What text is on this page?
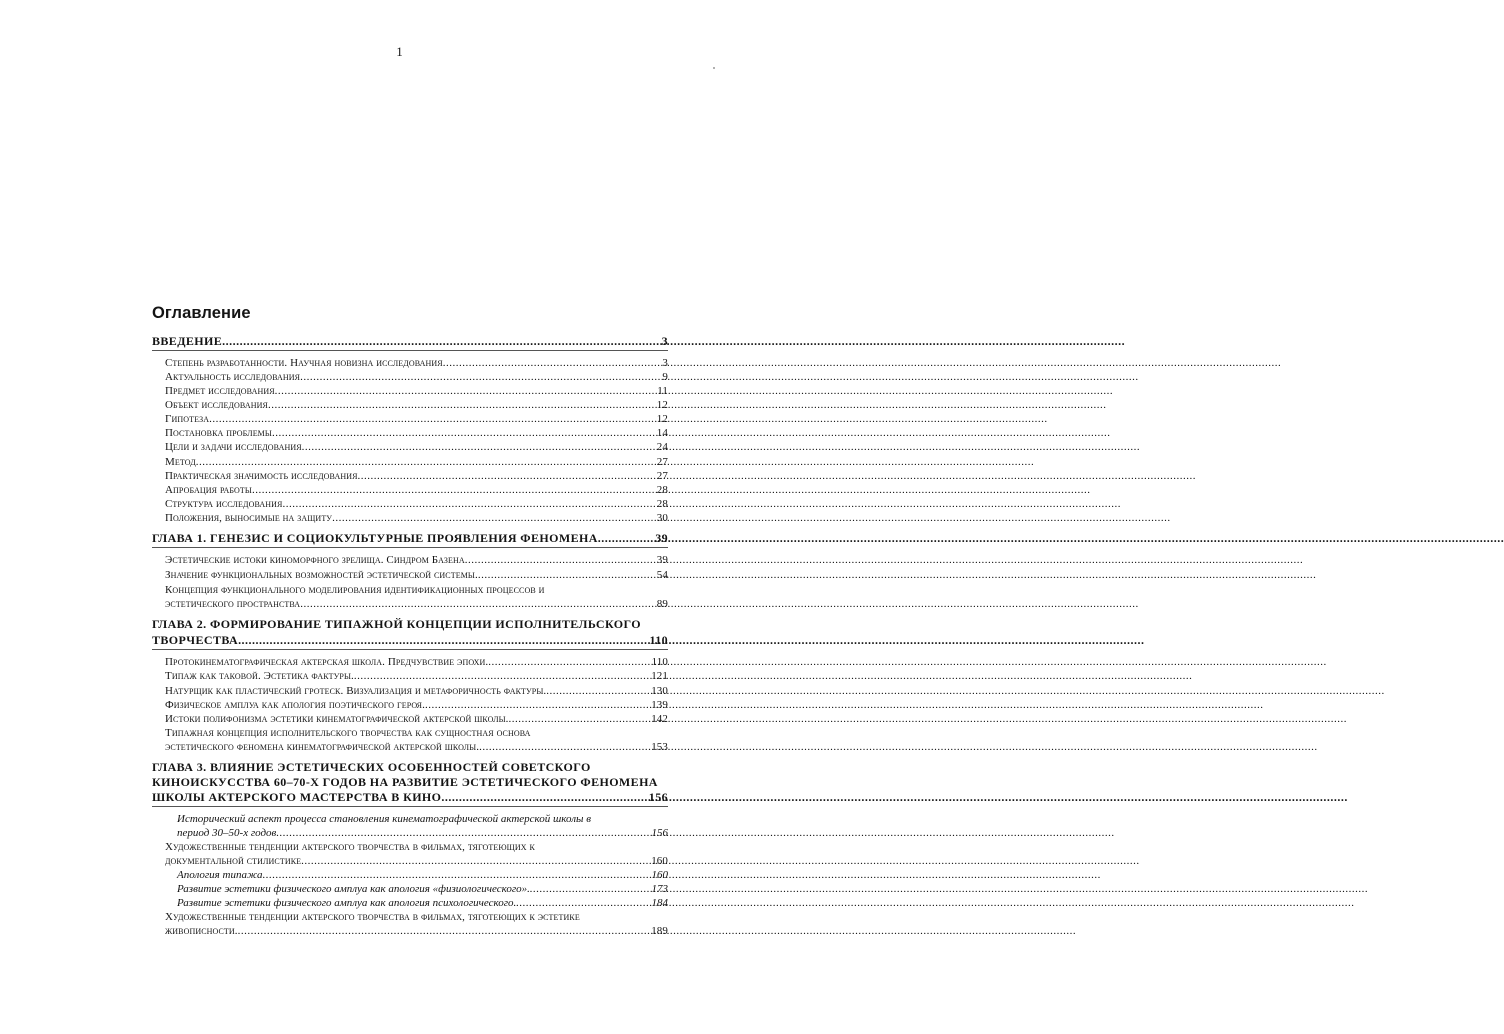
1
Оглавление
ВВЕДЕНИЕ .....	3
Степень разработанности. Научная новизна исследования .....	3
Актуальность исследования .....	9
Предмет исследования .....	11
Объект исследования .....	12
Гипотеза .....	12
Постановка проблемы .....	14
Цели и задачи исследования .....	24
Метод .....	27
Практическая значимость исследования .....	27
Апробация работы .....	28
Структура исследования .....	28
Положения, выносимые на защиту .....	30
ГЛАВА 1. ГЕНЕЗИС И СОЦИОКУЛЬТУРНЫЕ ПРОЯВЛЕНИЯ ФЕНОМЕНА. .....	39
Эстетические истоки киноморфного зрелища. Синдром Базена .....	39
Значение функциональных возможностей эстетической системы. .....	54
Концепция функционального моделирования идентификационных процессов и
эстетического пространства .....	89
ГЛАВА 2. ФОРМИРОВАНИЕ ТИПАЖНОЙ КОНЦЕПЦИИ ИСПОЛНИТЕЛЬСКОГО
ТВОРЧЕСТВА. .....	110
Протокинематографическая актерская школа. Предчувствие эпохи. .....	110
Типаж как таковой. Эстетика фактуры. .....	121
Натурщик как пластический гротеск. Визуализация и метафоричность фактуры. .....	130
Физическое амплуа как апология поэтического героя. .....	139
Истоки полифонизма эстетики кинематографической актерской школы. .....	142
Типажная концепция исполнительского творчества как сущностная основа
эстетического феномена кинематографической актерской школы. .....	153
ГЛАВА 3. ВЛИЯНИЕ ЭСТЕТИЧЕСКИХ ОСОБЕННОСТЕЙ СОВЕТСКОГО
КИНОИСКУССТВА 60–70-Х ГОДОВ НА РАЗВИТИЕ ЭСТЕТИЧЕСКОГО ФЕНОМЕНА
ШКОЛЫ АКТЕРСКОГО МАСТЕРСТВА В КИНО. .....	156
Исторический аспект процесса становления кинематографической актерской школы в
период 30–50-х годов .....	156
Художественные тенденции актерского творчества в фильмах, тяготеющих к
документальной стилистике .....	160
Апология типажа .....	160
Развитие эстетики физического амплуа как апология «физиологического». .....	173
Развитие эстетики физического амплуа как апология психологического. .....	184
Художественные тенденции актерского творчества в фильмах, тяготеющих к эстетике
живописности. .....	189
